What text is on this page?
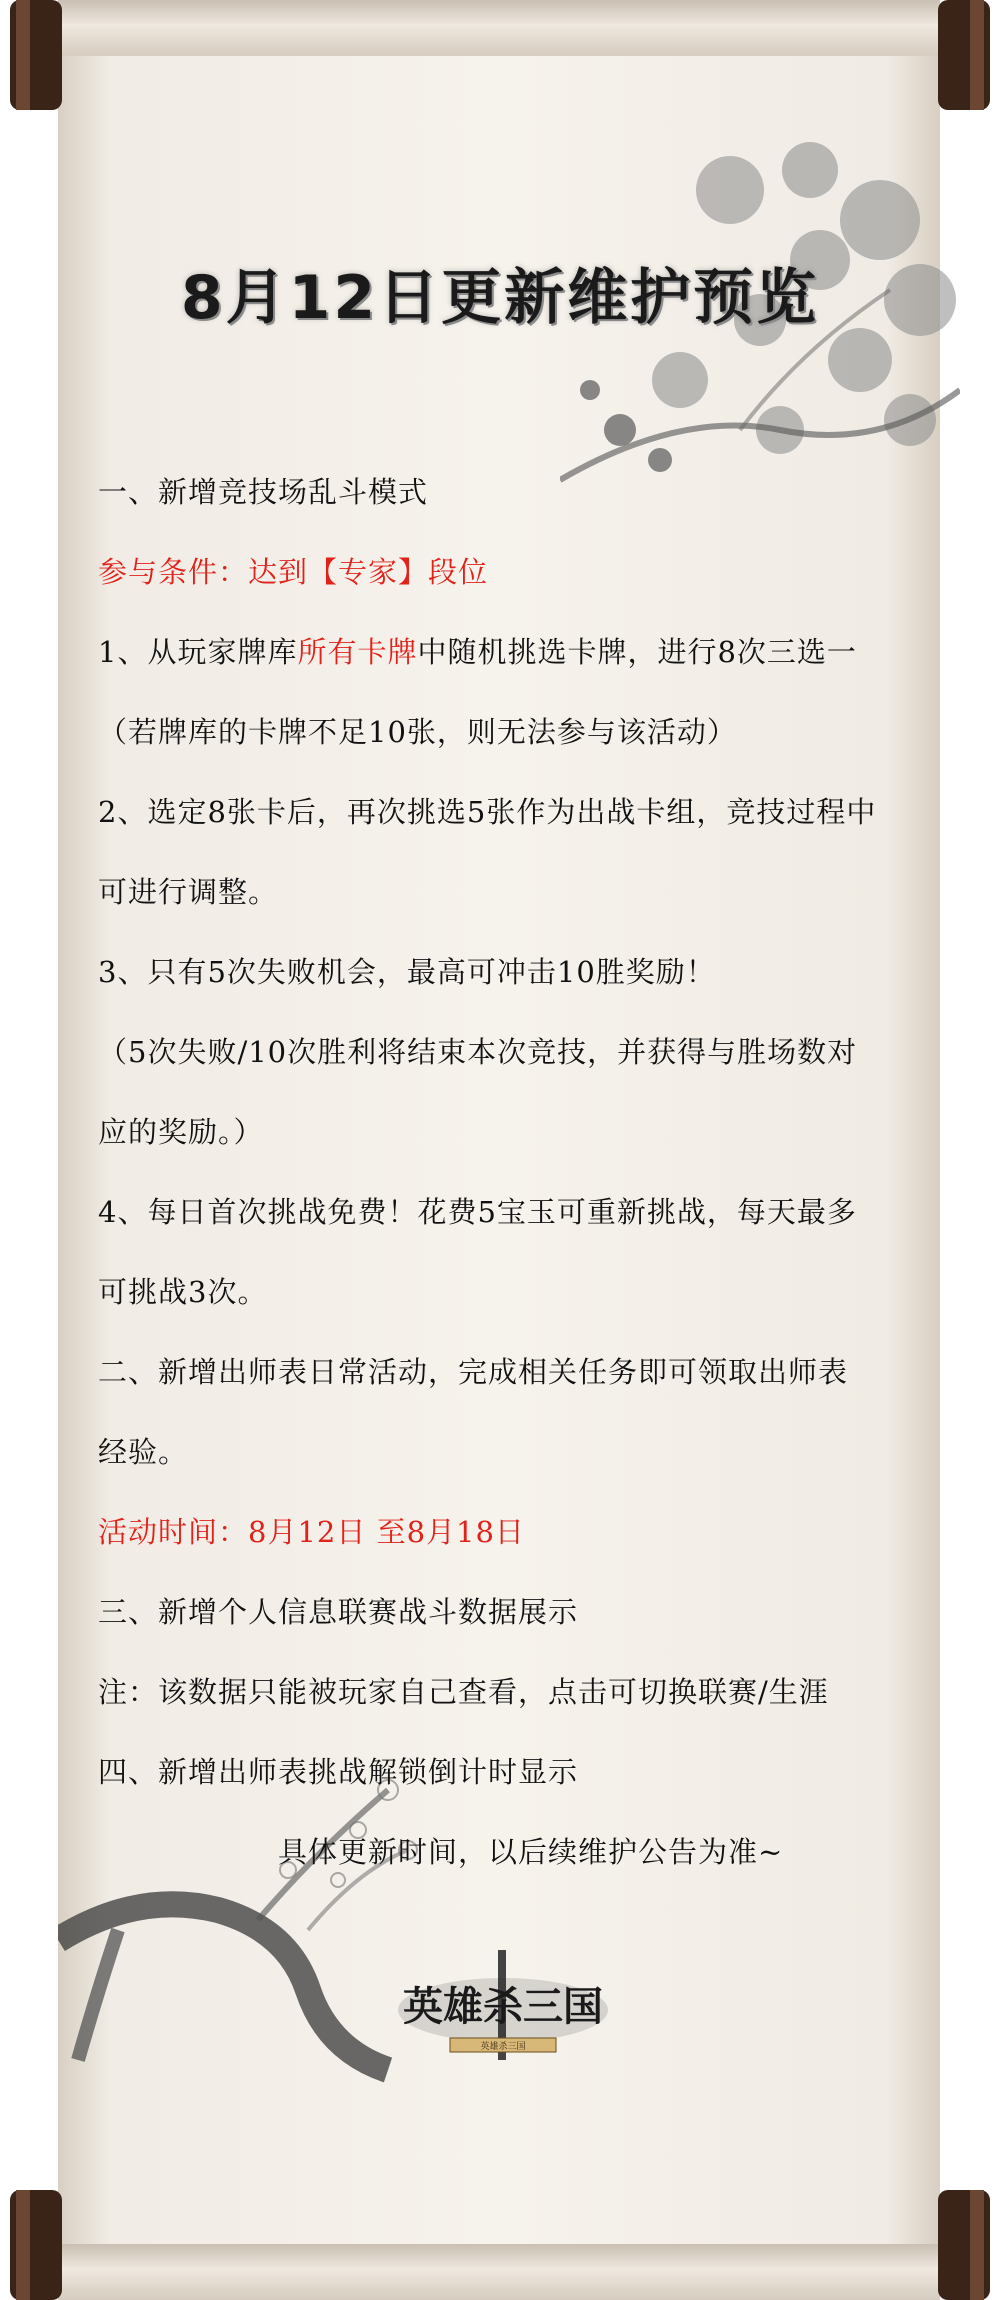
8月12日更新维护预览
一、新增竞技场乱斗模式
参与条件：达到【专家】段位
1、从玩家牌库所有卡牌中随机挑选卡牌，进行8次三选一
（若牌库的卡牌不足10张，则无法参与该活动）
2、选定8张卡后，再次挑选5张作为出战卡组，竞技过程中
可进行调整。
3、只有5次失败机会，最高可冲击10胜奖励！
（5次失败/10次胜利将结束本次竞技，并获得与胜场数对
应的奖励。）
4、每日首次挑战免费！花费5宝玉可重新挑战，每天最多
可挑战3次。
二、新增出师表日常活动，完成相关任务即可领取出师表
经验。
活动时间：8月12日 至8月18日
三、新增个人信息联赛战斗数据展示
注：该数据只能被玩家自己查看，点击可切换联赛/生涯
四、新增出师表挑战解锁倒计时显示
具体更新时间，以后续维护公告为准~
英雄杀三国
英雄杀三国
